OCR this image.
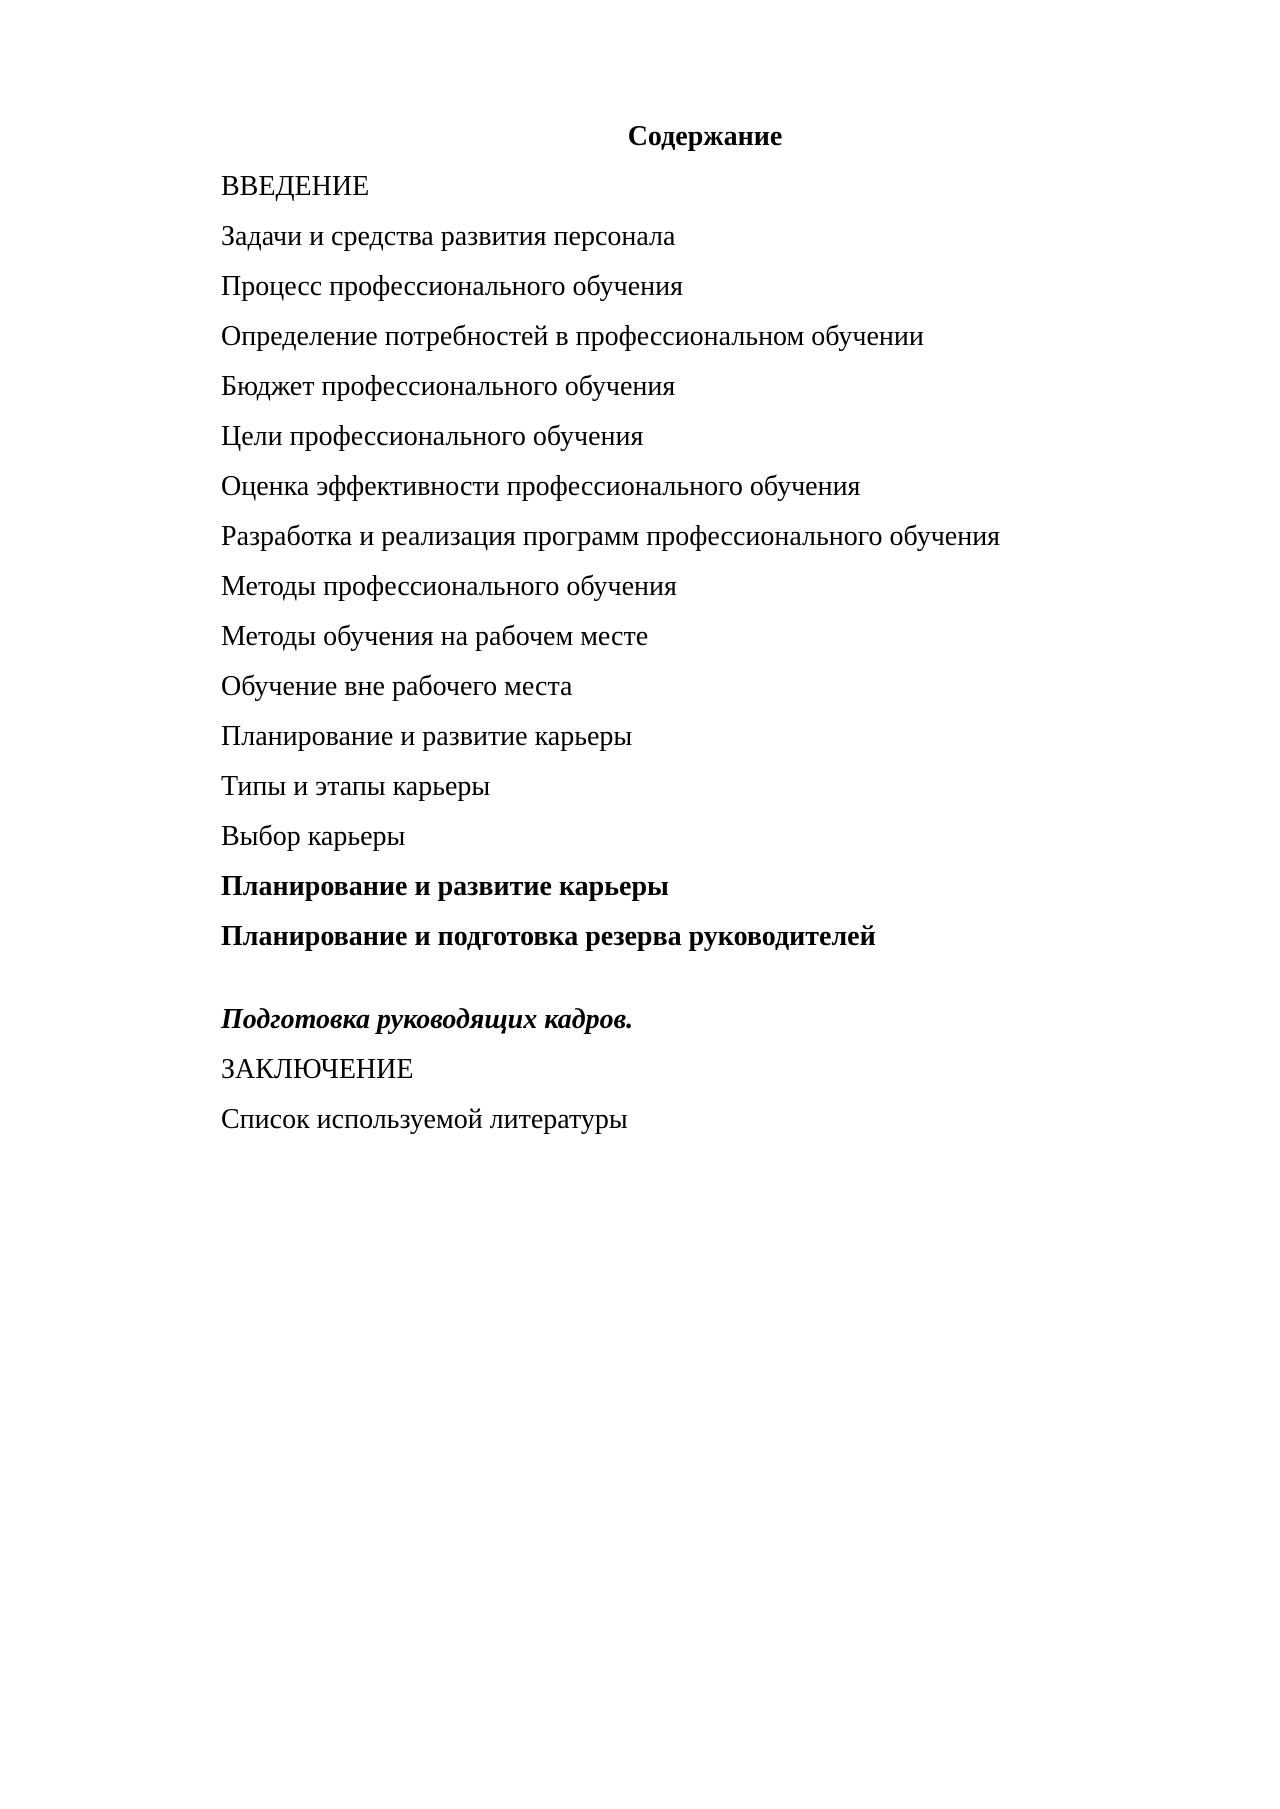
Содержание
ВВЕДЕНИЕ
Задачи и средства развития персонала
Процесс профессионального обучения
Определение потребностей в профессиональном обучении
Бюджет профессионального обучения
Цели профессионального обучения
Оценка эффективности профессионального обучения
Разработка и реализация программ профессионального обучения
Методы профессионального обучения
Методы обучения на рабочем месте
Обучение вне рабочего места
Планирование и развитие карьеры
Типы и этапы карьеры
Выбор карьеры
Планирование и развитие карьеры
Планирование и подготовка резерва руководителей
Подготовка руководящих кадров.
ЗАКЛЮЧЕНИЕ
Список используемой литературы
